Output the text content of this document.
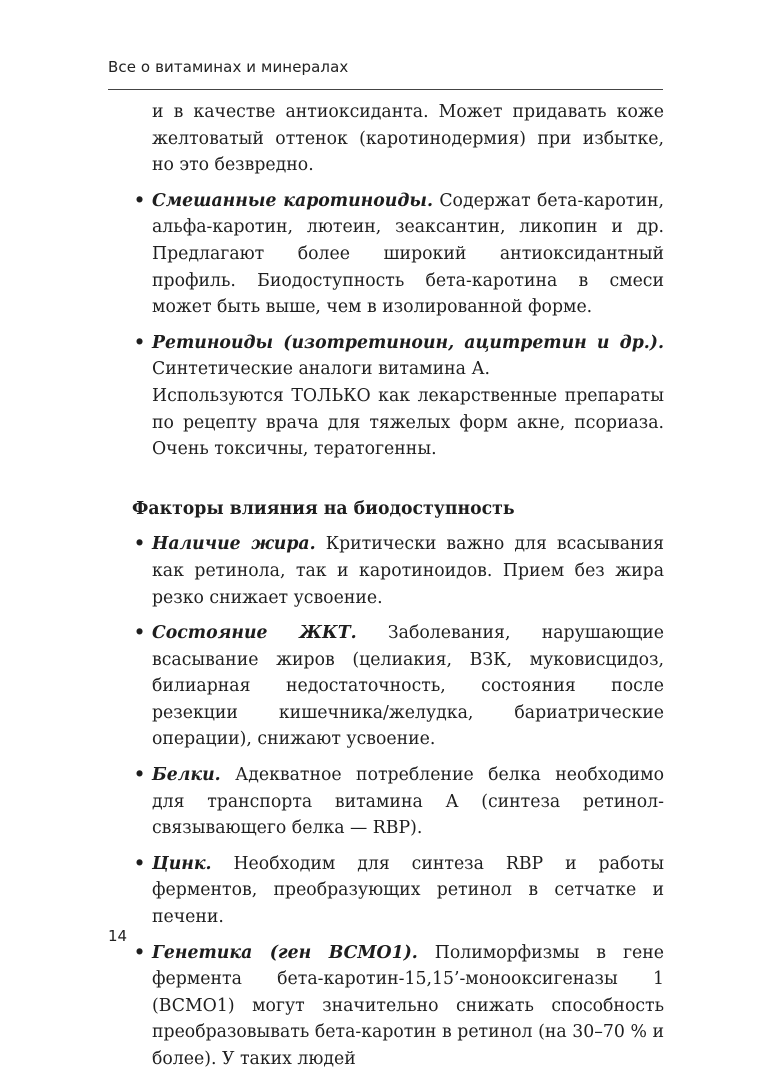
Все о витаминах и минералах

и в качестве антиоксиданта. Может придавать коже желтоватый оттенок (каротинодермия) при избытке, но это безвредно.

• Смешанные каротиноиды. Содержат бета-каротин, альфа-каротин, лютеин, зеаксантин, ликопин и др. Предлагают более широкий антиоксидантный профиль. Биодоступность бета-каротина в смеси может быть выше, чем в изолированной форме.
• Ретиноиды (изотретиноин, ацитретин и др.). Синтетические аналоги витамина А.
Используются ТОЛЬКО как лекарственные препараты по рецепту врача для тяжелых форм акне, псориаза. Очень токсичны, тератогенны.
Факторы влияния на биодоступность
• Наличие жира. Критически важно для всасывания как ретинола, так и каротиноидов. Прием без жира резко снижает усвоение.
• Состояние ЖКТ. Заболевания, нарушающие всасывание жиров (целиакия, ВЗК, муковисцидоз, билиарная недостаточность, состояния после резекции кишечника/желудка, бариатрические операции), снижают усвоение.
• Белки. Адекватное потребление белка необходимо для транспорта витамина А (синтеза ретинол-связывающего белка — RBP).
• Цинк. Необходим для синтеза RBP и работы ферментов, преобразующих ретинол в сетчатке и печени.
• Генетика (ген BCMO1). Полиморфизмы в гене фермента бета-каротин-15,15’-монооксигеназы 1 (BCMO1) могут значительно снижать способность преобразовывать бета-каротин в ретинол (на 30–70 % и более). У таких людей
14
